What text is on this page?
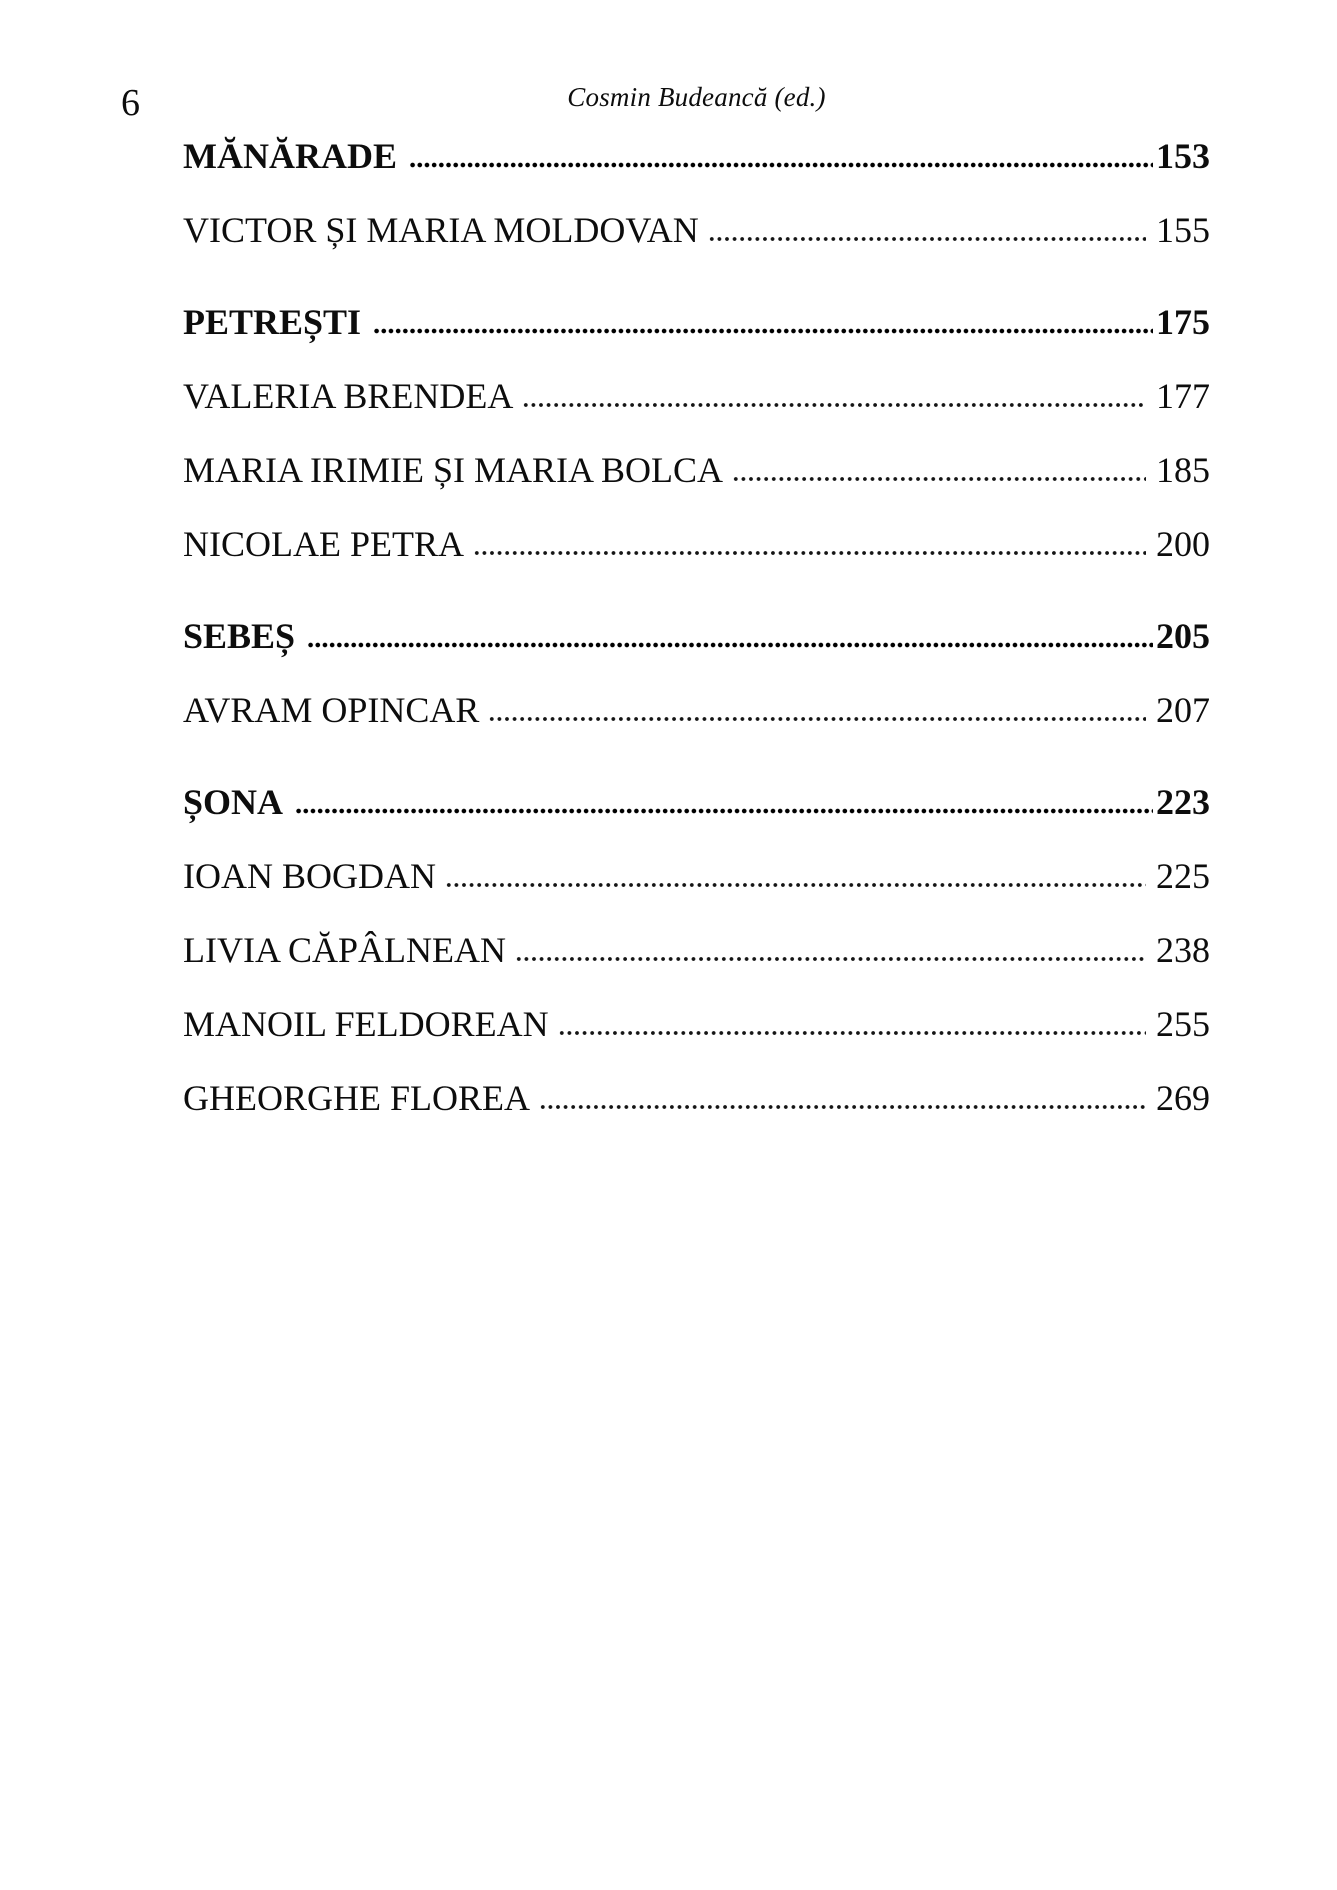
6	Cosmin Budeancă (ed.)
MĂNĂRADE	153
VICTOR ȘI MARIA MOLDOVAN	155
PETREȘTI	175
VALERIA BRENDEA	177
MARIA IRIMIE ȘI MARIA BOLCA	185
NICOLAE PETRA	200
SEBEȘ	205
AVRAM OPINCAR	207
ȘONA	223
IOAN BOGDAN	225
LIVIA CĂPÂLNEAN	238
MANOIL FELDOREAN	255
GHEORGHE FLOREA	269
